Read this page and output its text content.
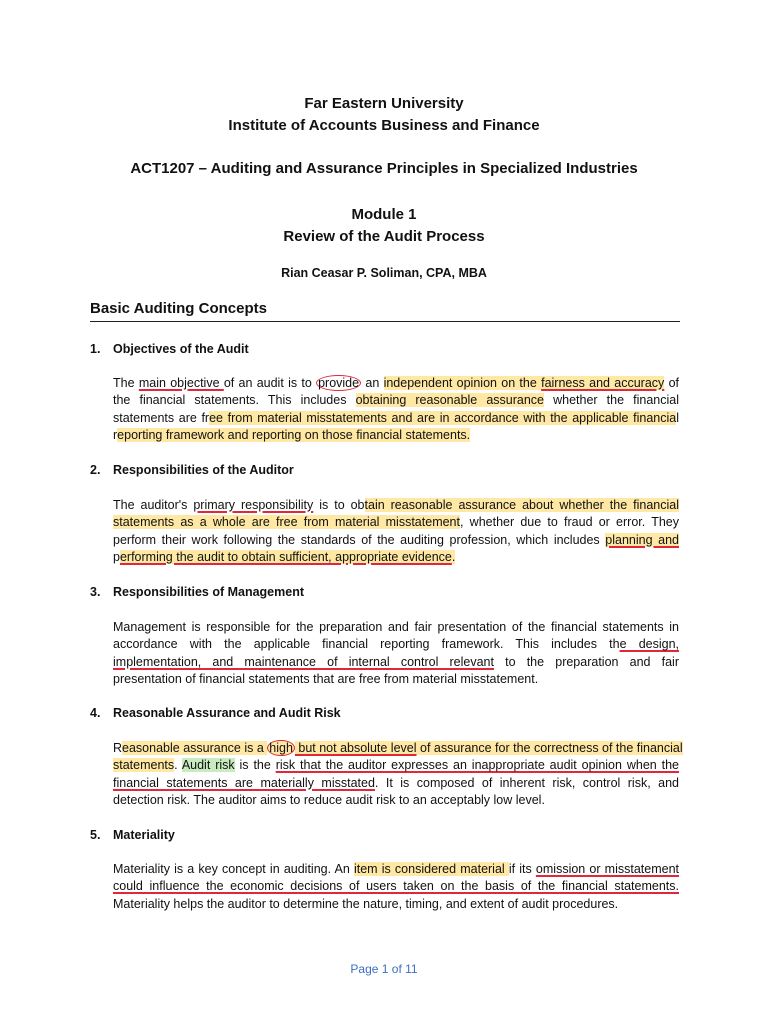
Far Eastern University
Institute of Accounts Business and Finance
ACT1207 – Auditing and Assurance Principles in Specialized Industries
Module 1
Review of the Audit Process
Rian Ceasar P. Soliman, CPA, MBA
Basic Auditing Concepts
1. Objectives of the Audit
The main objective of an audit is to provide an independent opinion on the fairness and accuracy of
the financial statements. This includes obtaining reasonable assurance whether the financial
statements are free from material misstatements and are in accordance with the applicable financial
reporting framework and reporting on those financial statements.
2. Responsibilities of the Auditor
The auditor's primary responsibility is to obtain reasonable assurance about whether the financial
statements as a whole are free from material misstatement, whether due to fraud or error. They
perform their work following the standards of the auditing profession, which includes planning and
performing the audit to obtain sufficient, appropriate evidence.
3. Responsibilities of Management
Management is responsible for the preparation and fair presentation of the financial statements in
accordance with the applicable financial reporting framework. This includes the design,
implementation, and maintenance of internal control relevant to the preparation and fair
presentation of financial statements that are free from material misstatement.
4. Reasonable Assurance and Audit Risk
Reasonable assurance is a high but not absolute level of assurance for the correctness of the financial
statements. Audit risk is the risk that the auditor expresses an inappropriate audit opinion when the
financial statements are materially misstated. It is composed of inherent risk, control risk, and
detection risk. The auditor aims to reduce audit risk to an acceptably low level.
5. Materiality
Materiality is a key concept in auditing. An item is considered material if its omission or misstatement
could influence the economic decisions of users taken on the basis of the financial statements.
Materiality helps the auditor to determine the nature, timing, and extent of audit procedures.
Page 1 of 11
